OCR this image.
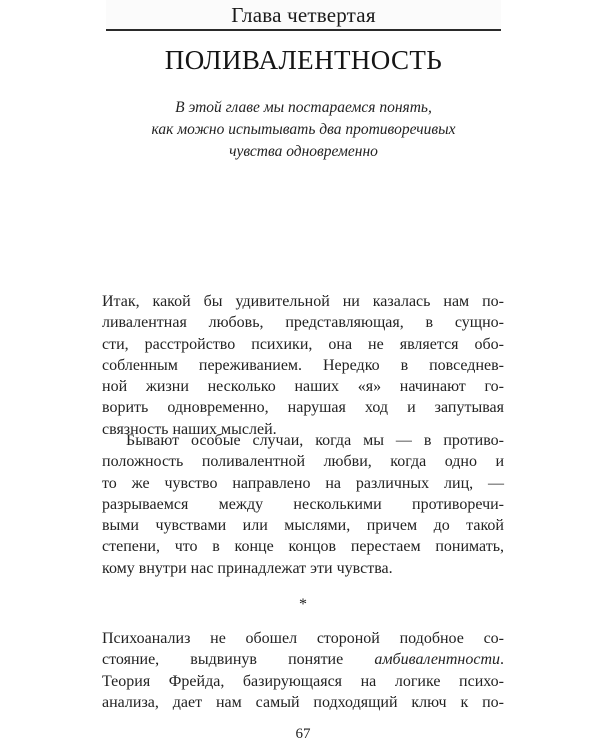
Глава четвертая
ПОЛИВАЛЕНТНОСТЬ
В этой главе мы постараемся понять,
как можно испытывать два противоречивых
чувства одновременно
Итак, какой бы удивительной ни казалась нам по-
ливалентная любовь, представляющая, в сущно-
сти, расстройство психики, она не является обо-
собленным переживанием. Нередко в повседнев-
ной жизни несколько наших «я» начинают го-
ворить одновременно, нарушая ход и запутывая
связность наших мыслей.
Бывают особые случаи, когда мы — в противо-
положность поливалентной любви, когда одно и
то же чувство направлено на различных лиц, —
разрываемся между несколькими противоречи-
выми чувствами или мыслями, причем до такой
степени, что в конце концов перестаем понимать,
кому внутри нас принадлежат эти чувства.
*
Психоанализ не обошел стороной подобное со-
стояние, выдвинув понятие амбивалентности.
Теория Фрейда, базирующаяся на логике психо-
анализа, дает нам самый подходящий ключ к по-
67
